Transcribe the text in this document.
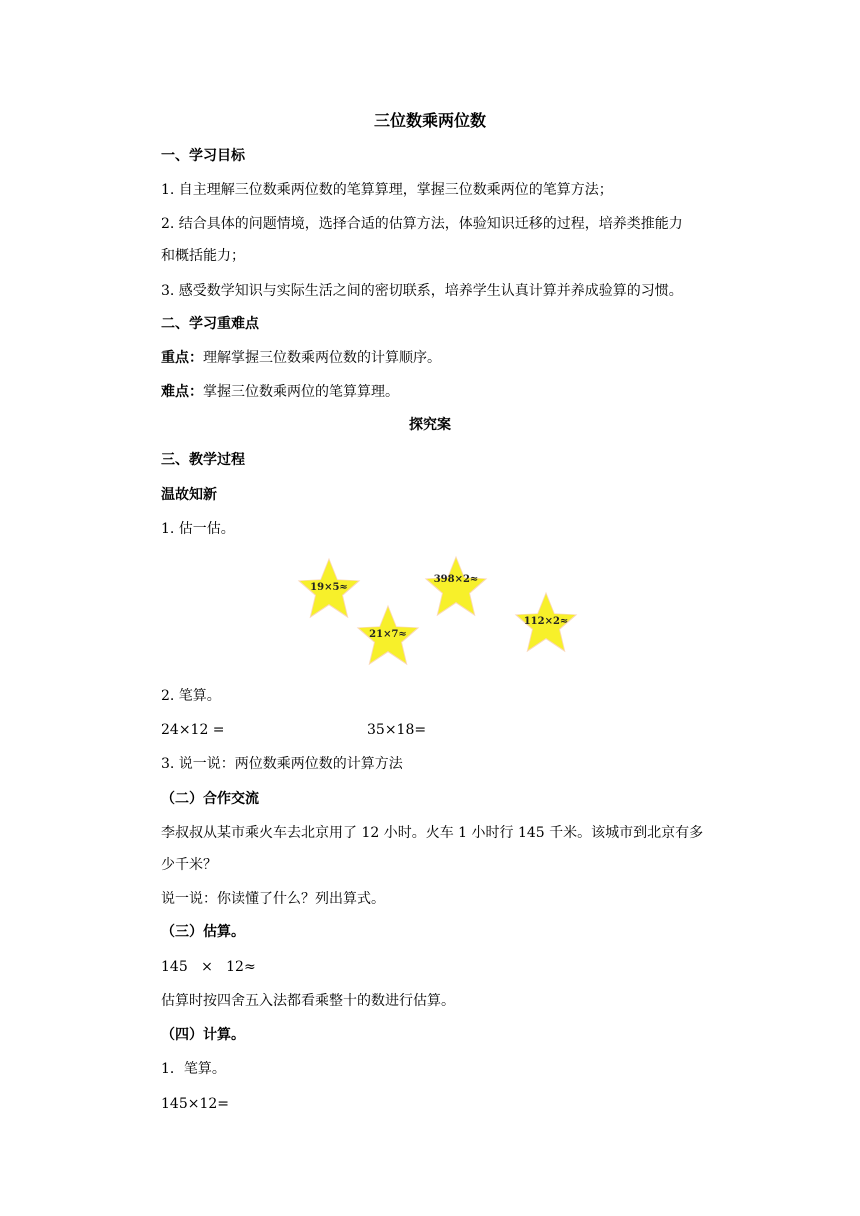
三位数乘两位数
一、学习目标
1. 自主理解三位数乘两位数的笔算算理，掌握三位数乘两位的笔算方法；
2. 结合具体的问题情境，选择合适的估算方法，体验知识迁移的过程，培养类推能力
和概括能力；
3. 感受数学知识与实际生活之间的密切联系，培养学生认真计算并养成验算的习惯。
二、学习重难点
重点：理解掌握三位数乘两位数的计算顺序。
难点：掌握三位数乘两位的笔算算理。
探究案
三、教学过程
温故知新
1. 估一估。
19×5≈
398×2≈
21×7≈
112×2≈
2. 笔算。
24×12 =	35×18=
3. 说一说：两位数乘两位数的计算方法
（二）合作交流
李叔叔从某市乘火车去北京用了 12 小时。火车 1 小时行 145 千米。该城市到北京有多
少千米？
说一说：你读懂了什么？列出算式。
（三）估算。
145   ×   12≈
估算时按四舍五入法都看乘整十的数进行估算。
（四）计算。
1．笔算。
145×12=
